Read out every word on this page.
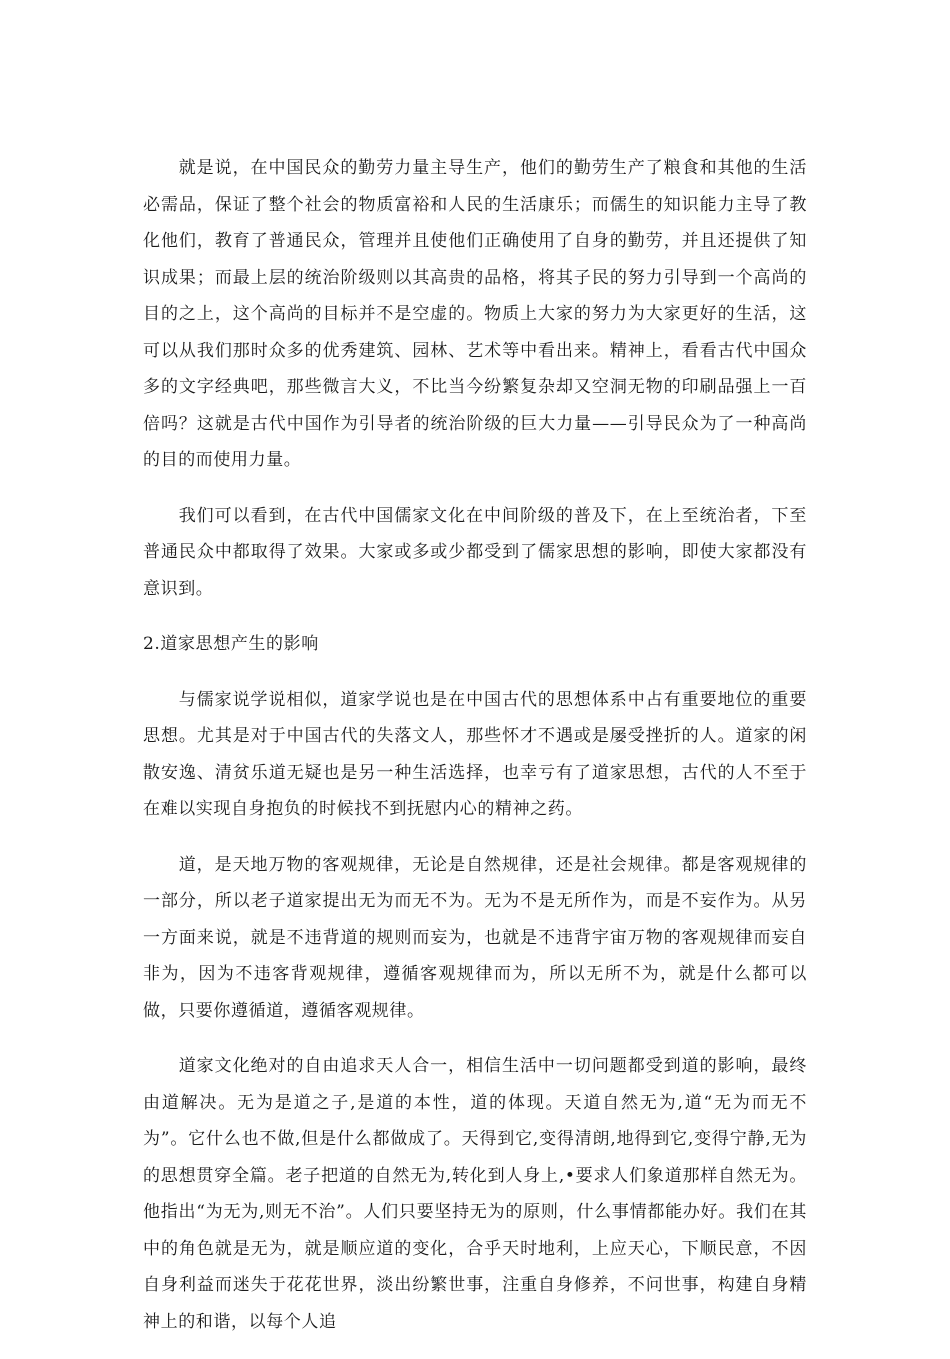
就是说，在中国民众的勤劳力量主导生产，他们的勤劳生产了粮食和其他的生活必需品，保证了整个社会的物质富裕和人民的生活康乐；而儒生的知识能力主导了教化他们，教育了普通民众，管理并且使他们正确使用了自身的勤劳，并且还提供了知识成果；而最上层的统治阶级则以其高贵的品格，将其子民的努力引导到一个高尚的目的之上，这个高尚的目标并不是空虚的。物质上大家的努力为大家更好的生活，这可以从我们那时众多的优秀建筑、园林、艺术等中看出来。精神上，看看古代中国众多的文字经典吧，那些微言大义，不比当今纷繁复杂却又空洞无物的印刷品强上一百倍吗？这就是古代中国作为引导者的统治阶级的巨大力量——引导民众为了一种高尚的目的而使用力量。

我们可以看到，在古代中国儒家文化在中间阶级的普及下，在上至统治者，下至普通民众中都取得了效果。大家或多或少都受到了儒家思想的影响，即使大家都没有意识到。

2.道家思想产生的影响

与儒家说学说相似，道家学说也是在中国古代的思想体系中占有重要地位的重要思想。尤其是对于中国古代的失落文人，那些怀才不遇或是屡受挫折的人。道家的闲散安逸、清贫乐道无疑也是另一种生活选择，也幸亏有了道家思想，古代的人不至于在难以实现自身抱负的时候找不到抚慰内心的精神之药。

道，是天地万物的客观规律，无论是自然规律，还是社会规律。都是客观规律的一部分，所以老子道家提出无为而无不为。无为不是无所作为，而是不妄作为。从另一方面来说，就是不违背道的规则而妄为，也就是不违背宇宙万物的客观规律而妄自非为，因为不违客背观规律，遵循客观规律而为，所以无所不为，就是什么都可以做，只要你遵循道，遵循客观规律。

道家文化绝对的自由追求天人合一，相信生活中一切问题都受到道的影响，最终由道解决。无为是道之子,是道的本性，道的体现。天道自然无为,道“无为而无不为”。它什么也不做,但是什么都做成了。天得到它,变得清朗,地得到它,变得宁静,无为的思想贯穿全篇。老子把道的自然无为,转化到人身上,•要求人们象道那样自然无为。他指出“为无为,则无不治”。人们只要坚持无为的原则，什么事情都能办好。我们在其中的角色就是无为，就是顺应道的变化，合乎天时地利，上应天心，下顺民意，不因自身利益而迷失于花花世界，淡出纷繁世事，注重自身修养，不问世事，构建自身精神上的和谐，以每个人追
